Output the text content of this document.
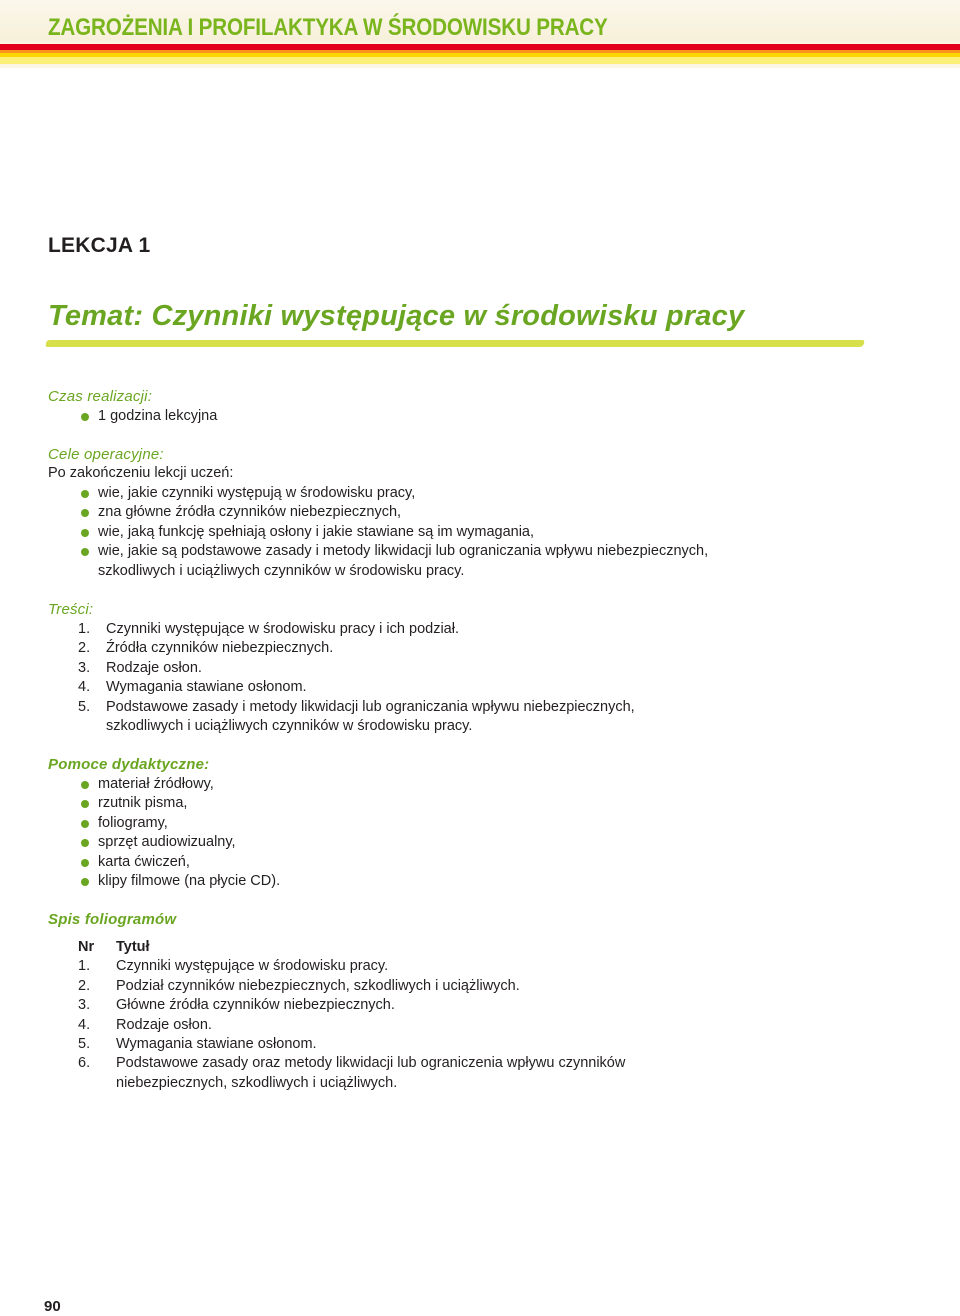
ZAGROŻENIA I PROFILAKTYKA W ŚRODOWISKU PRACY
LEKCJA 1
Temat: Czynniki występujące w środowisku pracy
Czas realizacji:
1 godzina lekcyjna
Cele operacyjne:
Po zakończeniu lekcji uczeń:
wie, jakie czynniki występują w środowisku pracy,
zna główne źródła czynników niebezpiecznych,
wie, jaką funkcję spełniają osłony i jakie stawiane są im wymagania,
wie, jakie są podstawowe zasady i metody likwidacji lub ograniczania wpływu niebezpiecznych,
szkodliwych i uciążliwych czynników w środowisku pracy.
Treści:
1. Czynniki występujące w środowisku pracy i ich podział.
2. Źródła czynników niebezpiecznych.
3. Rodzaje osłon.
4. Wymagania stawiane osłonom.
5. Podstawowe zasady i metody likwidacji lub ograniczania wpływu niebezpiecznych,
szkodliwych i uciążliwych czynników w środowisku pracy.
Pomoce dydaktyczne:
materiał źródłowy,
rzutnik pisma,
foliogramy,
sprzęt audiowizualny,
karta ćwiczeń,
klipy filmowe (na płycie CD).
Spis foliogramów
Nr	Tytuł
1.	Czynniki występujące w środowisku pracy.
2.	Podział czynników niebezpiecznych, szkodliwych i uciążliwych.
3.	Główne źródła czynników niebezpiecznych.
4.	Rodzaje osłon.
5.	Wymagania stawiane osłonom.
6.	Podstawowe zasady oraz metody likwidacji lub ograniczenia wpływu czynników
niebezpiecznych, szkodliwych i uciążliwych.
90
